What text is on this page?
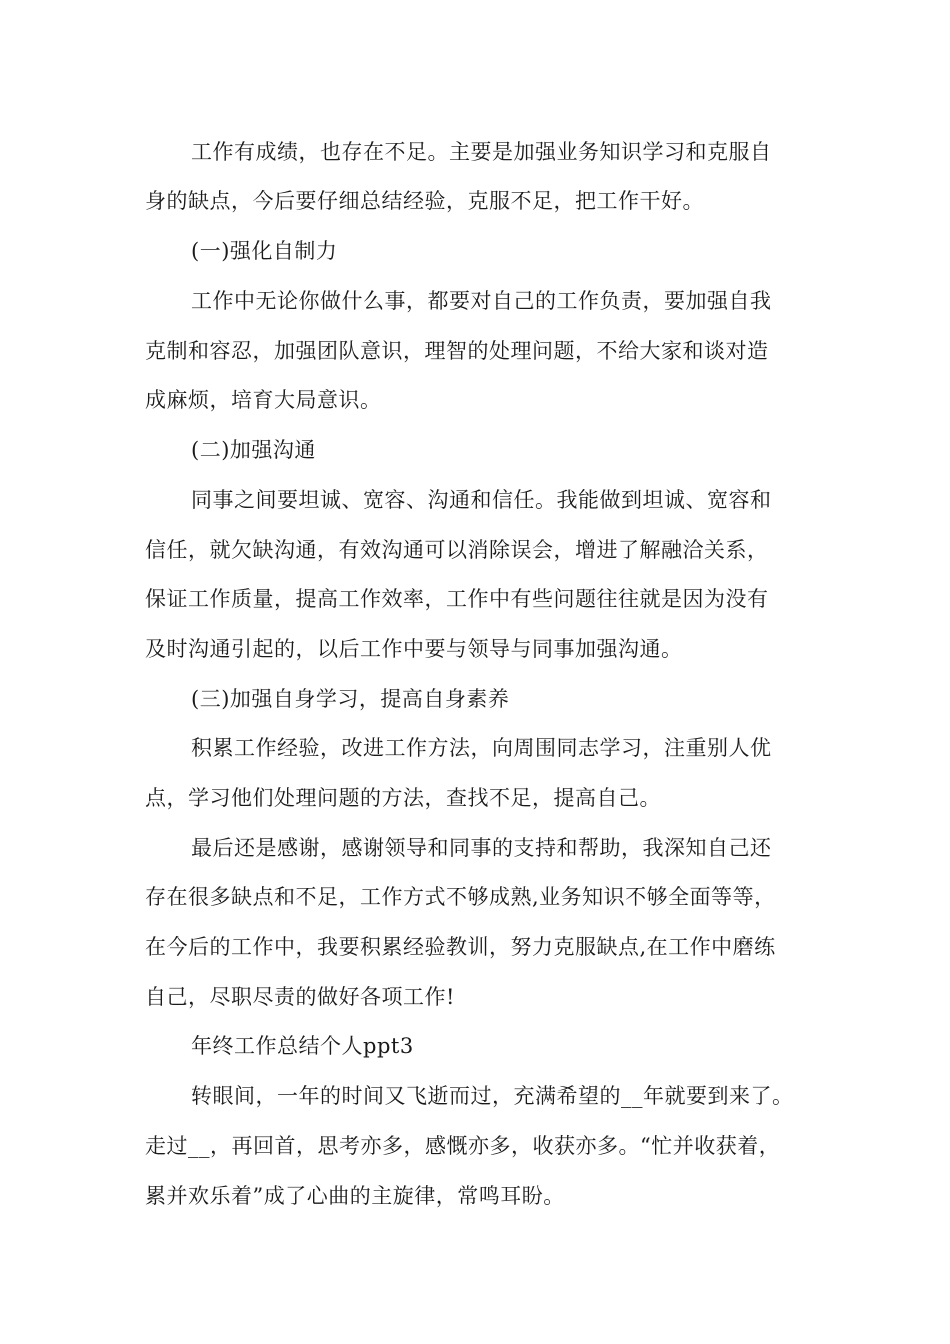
工作有成绩，也存在不足。主要是加强业务知识学习和克服自
身的缺点，今后要仔细总结经验，克服不足，把工作干好。
(一)强化自制力
工作中无论你做什么事，都要对自己的工作负责，要加强自我
克制和容忍，加强团队意识，理智的处理问题，不给大家和谈对造
成麻烦，培育大局意识。
(二)加强沟通
同事之间要坦诚、宽容、沟通和信任。我能做到坦诚、宽容和
信任，就欠缺沟通，有效沟通可以消除误会，增进了解融洽关系，
保证工作质量，提高工作效率，工作中有些问题往往就是因为没有
及时沟通引起的，以后工作中要与领导与同事加强沟通。
(三)加强自身学习，提高自身素养
积累工作经验，改进工作方法，向周围同志学习，注重别人优
点，学习他们处理问题的方法，查找不足，提高自己。
最后还是感谢，感谢领导和同事的支持和帮助，我深知自己还
存在很多缺点和不足，工作方式不够成熟,业务知识不够全面等等，
在今后的工作中，我要积累经验教训，努力克服缺点,在工作中磨练
自己，尽职尽责的做好各项工作!
年终工作总结个人ppt3
转眼间，一年的时间又飞逝而过，充满希望的__年就要到来了。
走过__，再回首，思考亦多，感慨亦多，收获亦多。“忙并收获着，
累并欢乐着”成了心曲的主旋律，常鸣耳盼。
